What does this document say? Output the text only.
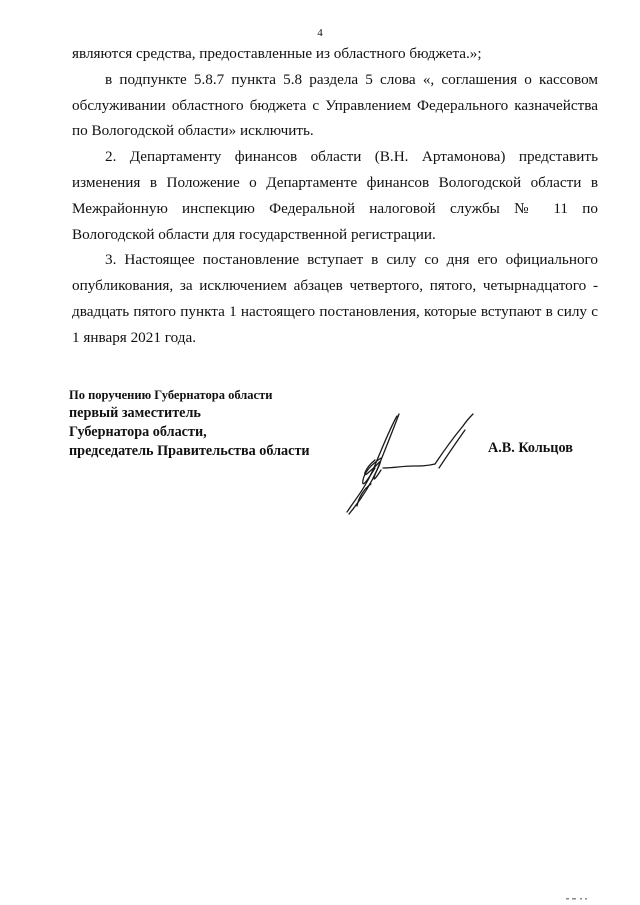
4

являются средства, предоставленные из областного бюджета.»;

в подпункте 5.8.7 пункта 5.8 раздела 5 слова «, соглашения о кассовом обслуживании областного бюджета с Управлением Федерального казначейства по Вологодской области» исключить.

2. Департаменту финансов области (В.Н. Артамонова) представить изменения в Положение о Департаменте финансов Вологодской области в Межрайонную инспекцию Федеральной налоговой службы № 11 по Вологодской области для государственной регистрации.

3. Настоящее постановление вступает в силу со дня его официального опубликования, за исключением абзацев четвертого, пятого, четырнадцатого - двадцать пятого пункта 1 настоящего постановления, которые вступают в силу с 1 января 2021 года.

По поручению Губернатора области
первый заместитель
Губернатора области,
председатель Правительства области	А.В. Кольцов
